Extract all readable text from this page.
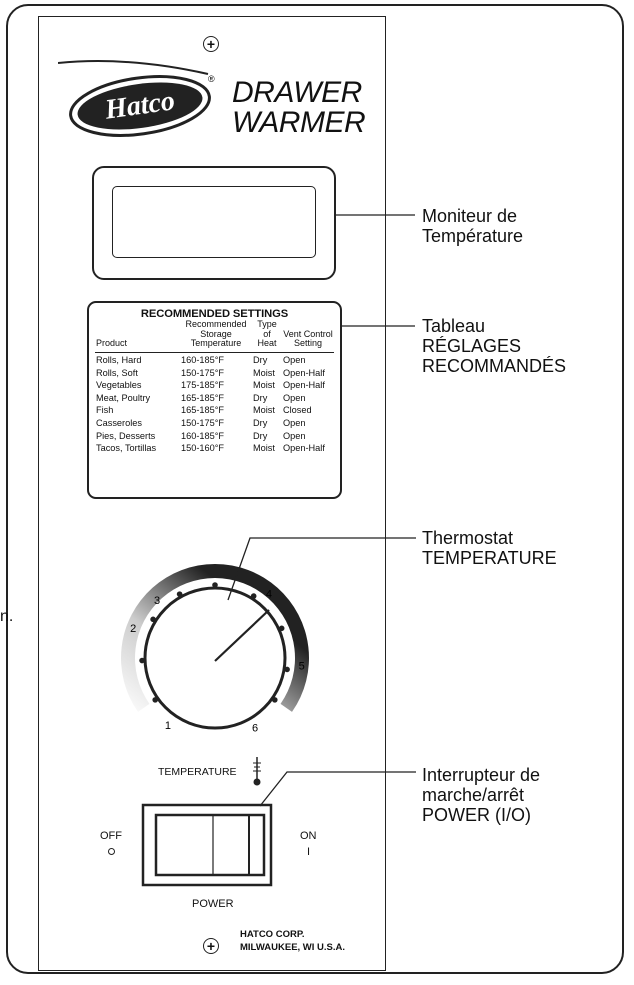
+
+
Hatco
® DRAWER
WARMER
RECOMMENDED SETTINGS
Product	Recommended Storage Temperature	Type of Heat	Vent Control Setting
Rolls, Hard	160-185°F	Dry	Open
Rolls, Soft	150-175°F	Moist	Open-Half
Vegetables	175-185°F	Moist	Open-Half
Meat, Poultry	165-185°F	Dry	Open
Fish	165-185°F	Moist	Closed
Casseroles	150-175°F	Dry	Open
Pies, Desserts	160-185°F	Dry	Open
Tacos, Tortillas	150-160°F	Moist	Open-Half
1
2
3
4
5
6
TEMPERATURE
OFF	ON
I
POWER
HATCO CORP.
MILWAUKEE, WI U.S.A.
n.
Moniteur de
Température
Tableau
RÉGLAGES
RECOMMANDÉS
Thermostat
TEMPERATURE
Interrupteur de
marche/arrêt
POWER (I/O)
